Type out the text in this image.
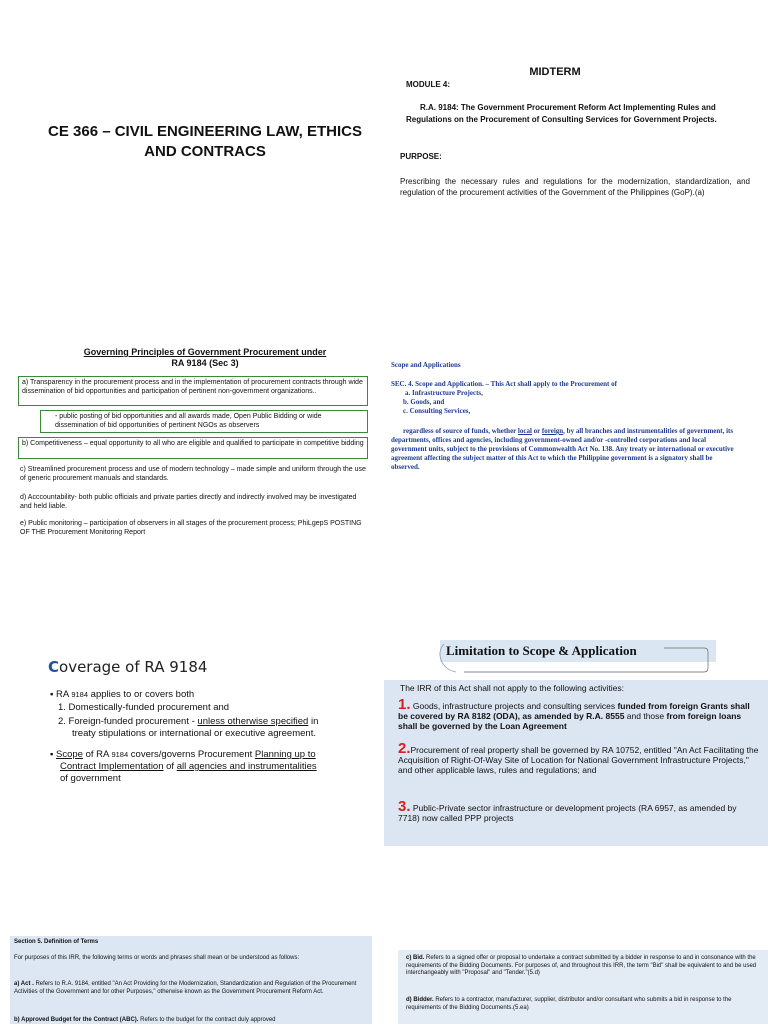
CE 366 – CIVIL ENGINEERING LAW, ETHICS
AND CONTRACS
MIDTERM
MODULE 4:
R.A. 9184: The Government Procurement Reform Act Implementing Rules and Regulations on the Procurement of Consulting Services for Government Projects.
PURPOSE:
Prescribing the necessary rules and regulations for the modernization, standardization, and regulation of the procurement activities of the Government of the Philippines (GoP).(a)
Governing Principles of Government Procurement under
RA 9184 (Sec 3)
a) Transparency in the procurement process and in the implementation of procurement contracts through wide dissemination of bid opportunities and participation of pertinent non-government organizations..
- public posting of bid opportunities and all awards made, Open Public Bidding or wide dissemination of bid opportunities of pertinent NGOs as observers
b) Competitiveness – equal opportunity to all who are eligible and qualified to participate in competitive bidding
c) Streamlined procurement process and use of modern technology – made simple and uniform through the use of generic procurement manuals and standards.
d) Acccountability- both public officials and private parties directly and indirectly involved may be investigated and held liable.
e) Public monitoring – participation of observers in all stages of the procurement process; PhiLgepS POSTING OF THE Procurement Monitoring Report
Scope and Applications
SEC. 4. Scope and Application. – This Act shall apply to the Procurement of
a. Infrastructure Projects,
b. Goods, and
c. Consulting Services,
regardless of source of funds, whether local or foreign, by all branches and instrumentalities of government, its departments, offices and agencies, including government-owned and/or -controlled corporations and local government units, subject to the provisions of Commonwealth Act No. 138. Any treaty or international or executive agreement affecting the subject matter of this Act to which the Philippine government is a signatory shall be observed.
Coverage of RA 9184
▪ RA 9184 applies to or covers both
1. Domestically-funded procurement and
2. Foreign-funded procurement - unless otherwise specified in
treaty stipulations or international or executive agreement.
▪ Scope of RA 9184 covers/governs Procurement Planning up to
Contract Implementation of all agencies and instrumentalities
of government
Limitation to Scope & Application
The IRR of this Act shall not apply to the following activities:
1. Goods, infrastructure projects and consulting services funded from foreign Grants shall be covered by RA 8182 (ODA), as amended by R.A. 8555 and those from foreign loans shall be governed by the Loan Agreement
2.Procurement of real property shall be governed by RA 10752, entitled "An Act Facilitating the Acquisition of Right-Of-Way Site of Location for National Government Infrastructure Projects," and other applicable laws, rules and regulations; and
3. Public-Private sector infrastructure or development projects (RA 6957, as amended by 7718) now called PPP projects
Section 5. Definition of Terms
For purposes of this IRR, the following terms or words and phrases shall mean or be understood as follows:
a) Act . Refers to R.A. 9184, entitled "An Act Providing for the Modernization, Standardization and Regulation of the Procurement Activities of the Government and for other Purposes," otherwise known as the Government Procurement Reform Act.
b) Approved Budget for the Contract (ABC). Refers to the budget for the contract duly approved
c) Bid. Refers to a signed offer or proposal to undertake a contract submitted by a bidder in response to and in consonance with the requirements of the Bidding Documents. For purposes of, and throughout this IRR, the term "Bid" shall be equivalent to and be used interchangeably with "Proposal" and "Tender."(5.d)
d) Bidder. Refers to a contractor, manufacturer, supplier, distributor and/or consultant who submits a bid in response to the requirements of the Bidding Documents.(5.ea)
